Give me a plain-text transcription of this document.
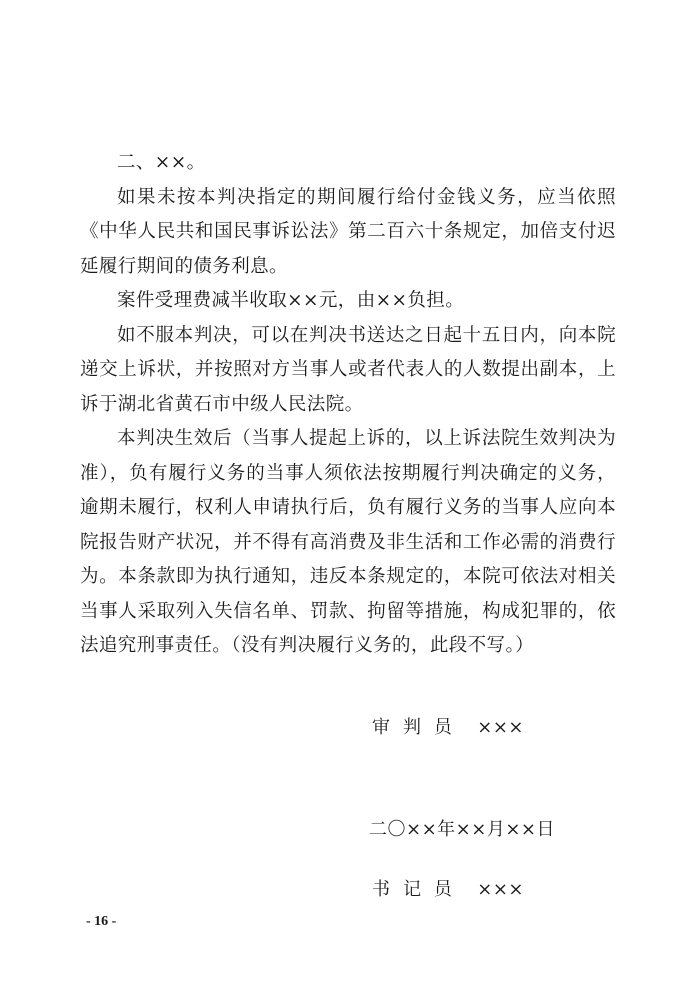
二、××。

如果未按本判决指定的期间履行给付金钱义务，应当依照《中华人民共和国民事诉讼法》第二百六十条规定，加倍支付迟延履行期间的债务利息。

案件受理费减半收取××元，由××负担。

如不服本判决，可以在判决书送达之日起十五日内，向本院递交上诉状，并按照对方当事人或者代表人的人数提出副本，上诉于湖北省黄石市中级人民法院。

本判决生效后（当事人提起上诉的，以上诉法院生效判决为准），负有履行义务的当事人须依法按期履行判决确定的义务，逾期未履行，权利人申请执行后，负有履行义务的当事人应向本院报告财产状况，并不得有高消费及非生活和工作必需的消费行为。本条款即为执行通知，违反本条规定的，本院可依法对相关当事人采取列入失信名单、罚款、拘留等措施，构成犯罪的，依法追究刑事责任。（没有判决履行义务的，此段不写。）

审  判  员    ×××
二〇××年××月××日
书  记  员    ×××
- 16 -
